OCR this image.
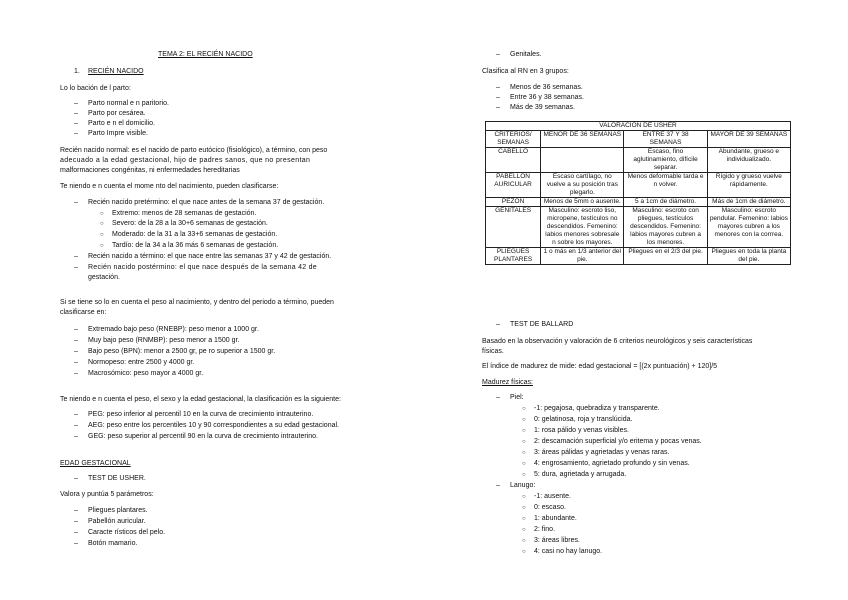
TEMA 2: EL RECIÉN NACIDO
1. RECIÉN NACIDO
Lo lo bación de l parto:
– Parto normal e n paritorio.
– Parto por cesárea.
– Parto e n el domicilio.
– Parto Impre visible.
Recién nacido normal: es el nacido de parto eutócico (fisiológico), a término, con peso
adecuado a la edad gestacional, hijo de padres sanos, que no presentan
malformaciones congénitas, ni enfermedades hereditarias
Te niendo e n cuenta el mome nto del nacimiento, pueden clasificarse:
– Recién nacido pretérmino: el que nace antes de la semana 37 de gestación.
○ Extremo: menos de 28 semanas de gestación.
○ Severo: de la 28 a la 30+6 semanas de gestación.
○ Moderado: de la 31 a la 33+6 semanas de gestación.
○ Tardío: de la 34 a la 36 más 6 semanas de gestación.
– Recién nacido a término: el que nace entre las semanas 37 y 42 de gestación.
– Recién nacido postérmino: el que nace después de la semana 42 de
gestación.
Si se tiene so lo en cuenta el peso al nacimiento, y dentro del periodo a término, pueden
clasificarse en:
– Extremado bajo peso (RNEBP): peso menor a 1000 gr.
– Muy bajo peso (RNMBP): peso menor a 1500 gr.
– Bajo peso (BPN): menor a 2500 gr, pe ro superior a 1500 gr.
– Normopeso: entre 2500 y 4000 gr.
– Macrosómico: peso mayor a 4000 gr.
Te niendo e n cuenta el peso, el sexo y la edad gestacional, la clasificación es la siguiente:
– PEG: peso inferior al percentil 10 en la curva de crecimiento intrauterino.
– AEG: peso entre los percentiles 10 y 90 correspondientes a su edad gestacional.
– GEG: peso superior al percentil 90 en la curva de crecimiento intrauterino.
EDAD GESTACIONAL
– TEST DE USHER.
Valora y puntúa 5 parámetros:
– Pliegues plantares.
– Pabellón auricular.
– Caracte rísticos del pelo.
– Botón mamario.
– Genitales.
Clasifica al RN en 3 grupos:
– Menos de 36 semanas.
– Entre 36 y 38 semanas.
– Más de 39 semanas.
VALORACIÓN DE USHER			
CRITERIOS/ SEMANAS	MENOR DE 36 SEMANAS	ENTRE 37 Y 38 SEMANAS	MAYOR DE 39 SEMANAS
CABELLO		Escaso, fino aglutinamiento, difícile separar.	Abundante, grueso e individualizado.
PABELLÓN AURICULAR	Escaso cartílago, no vuelve a su posición tras plegarlo.	Menos deformable tarda e n volver.	Rígido y grueso vuelve rápidamente.
PEZÓN	Menos de 5mm o ausente.	5 a 1cm de diámetro.	Más de 1cm de diámetro.
GENITALES	Masculino: escroto liso, micropene, testículos no descendidos. Femenino: labios menores sobresale n sobre los mayores.	Masculino: escroto con pliegues, testículos descendidos. Femenino: labios mayores cubren a los menores.	Masculino: escroto pendular. Femenino: labios mayores cubren a los menores con la corrrea.
PLIEGUES PLANTARES	1 o más en 1/3 anterior del pie.	Pliegues en el 2/3 del pie.	Pliegues en toda la planta del pie.
– TEST DE BALLARD
Basado en la observación y valoración de 6 criterios neurológicos y seis características
físicas.
El índice de madurez de mide: edad gestacional = [(2x puntuación) + 120]/5
Madurez físicas:
– Piel:
○ -1: pegajosa, quebradiza y transparente.
○ 0: gelatinosa, roja y translúcida.
○ 1: rosa pálido y venas visibles.
○ 2: descamación superficial y/o eritema y pocas venas.
○ 3: áreas pálidas y agrietadas y venas raras.
○ 4: engrosamiento, agrietado profundo y sin venas.
○ 5: dura, agrietada y arrugada.
– Lanugo:
○ -1: ausente.
○ 0: escaso.
○ 1: abundante.
○ 2: fino.
○ 3: áreas libres.
○ 4: casi no hay lanugo.
